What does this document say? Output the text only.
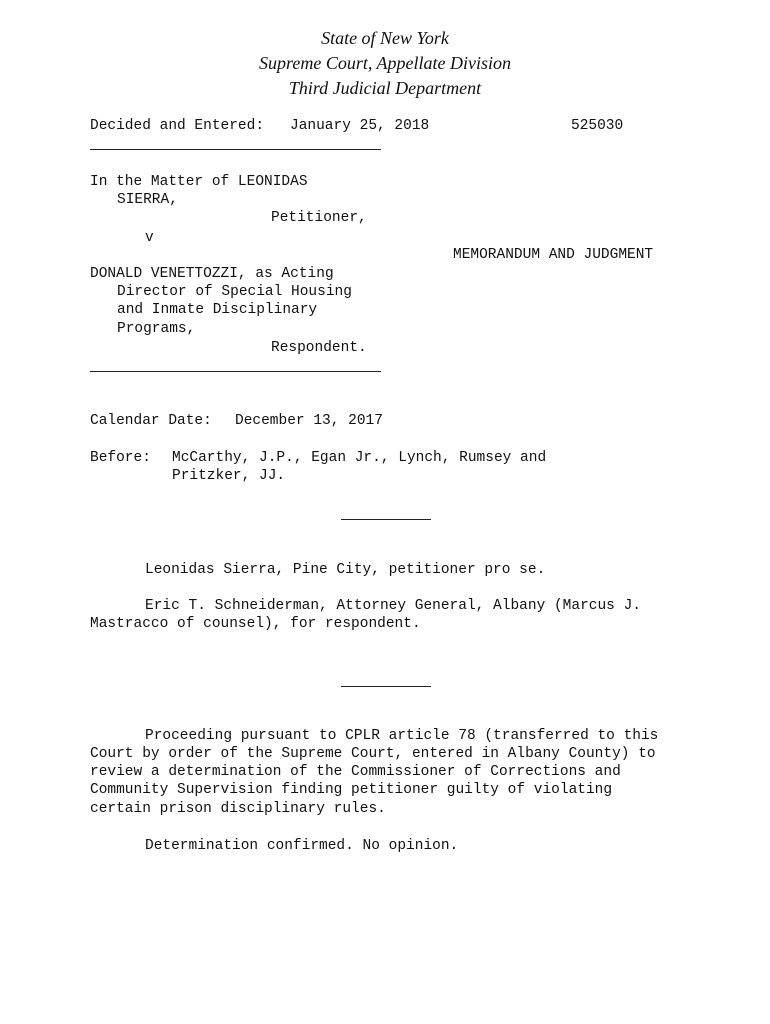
State of New York
Supreme Court, Appellate Division
Third Judicial Department
Decided and Entered: January 25, 2018	525030
In the Matter of LEONIDAS
SIERRA,
Petitioner,
v
MEMORANDUM AND JUDGMENT
DONALD VENETTOZZI, as Acting
Director of Special Housing
and Inmate Disciplinary
Programs,
Respondent.
Calendar Date: December 13, 2017
Before: McCarthy, J.P., Egan Jr., Lynch, Rumsey and
Pritzker, JJ.
Leonidas Sierra, Pine City, petitioner pro se.
Eric T. Schneiderman, Attorney General, Albany (Marcus J.
Mastracco of counsel), for respondent.
Proceeding pursuant to CPLR article 78 (transferred to this
Court by order of the Supreme Court, entered in Albany County) to
review a determination of the Commissioner of Corrections and
Community Supervision finding petitioner guilty of violating
certain prison disciplinary rules.
Determination confirmed. No opinion.
